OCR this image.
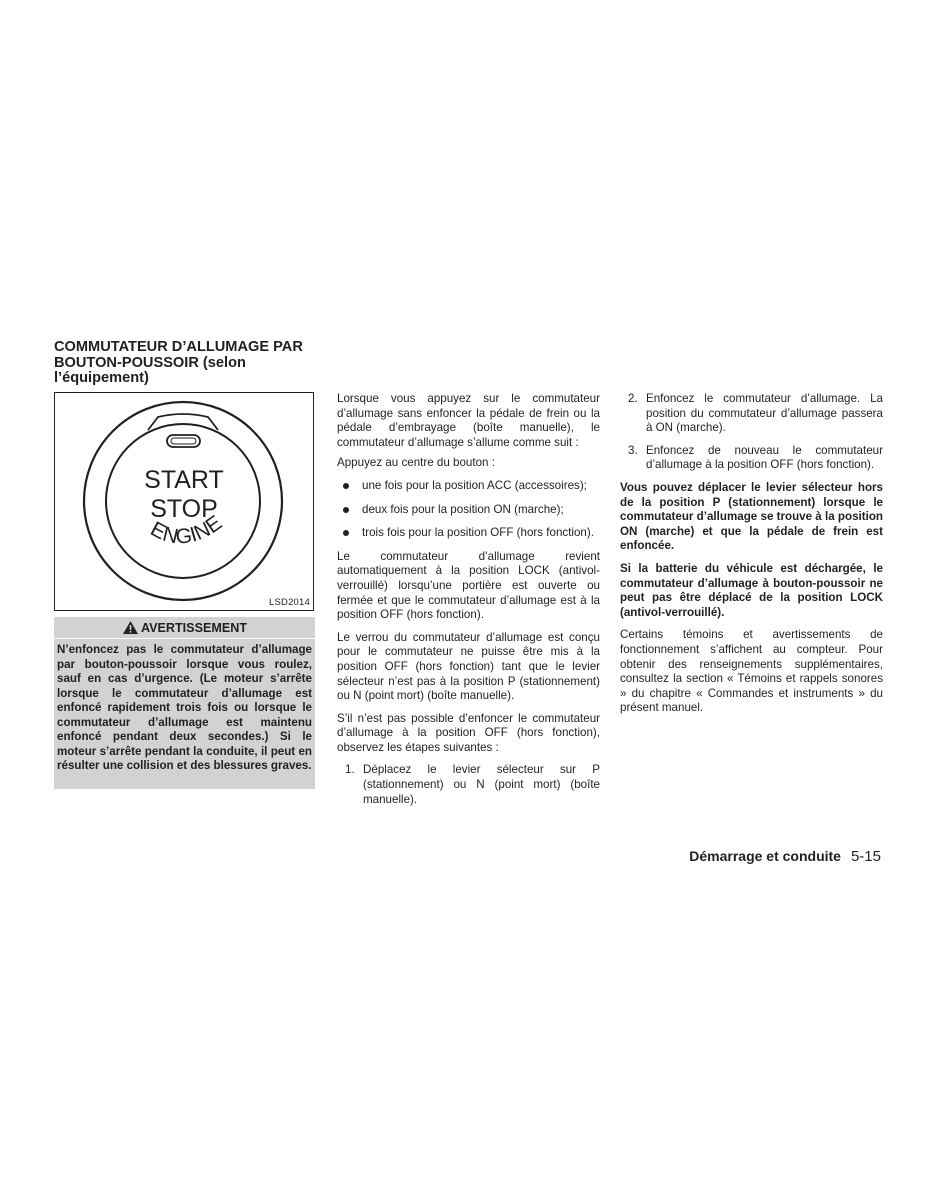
COMMUTATEUR D’ALLUMAGE PAR BOUTON-POUSSOIR (selon l’équipement)
START
STOP
ENGINE
LSD2014
AVERTISSEMENT
N’enfoncez pas le commutateur d’allumage par bouton-poussoir lorsque vous roulez, sauf en cas d’urgence. (Le moteur s’arrête lorsque le commutateur d’allumage est enfoncé rapidement trois fois ou lorsque le commutateur d’allumage est maintenu enfoncé pendant deux secondes.) Si le moteur s’arrête pendant la conduite, il peut en résulter une collision et des blessures graves.

Lorsque vous appuyez sur le commutateur d’allumage sans enfoncer la pédale de frein ou la pédale d’embrayage (boîte manuelle), le commutateur d’allumage s’allume comme suit :

Appuyez au centre du bouton :

une fois pour la position ACC (accessoires);
deux fois pour la position ON (marche);
trois fois pour la position OFF (hors fonction).

Le commutateur d’allumage revient automatiquement à la position LOCK (antivol-verrouillé) lorsqu’une portière est ouverte ou fermée et que le commutateur d’allumage est à la position OFF (hors fonction).

Le verrou du commutateur d’allumage est conçu pour le commutateur ne puisse être mis à la position OFF (hors fonction) tant que le levier sélecteur n’est pas à la position P (stationnement) ou N (point mort) (boîte manuelle).

S’il n’est pas possible d’enfoncer le commutateur d’allumage à la position OFF (hors fonction), observez les étapes suivantes :

1. Déplacez le levier sélecteur sur P (stationnement) ou N (point mort) (boîte manuelle).
2. Enfoncez le commutateur d’allumage. La position du commutateur d’allumage passera à ON (marche).
3. Enfoncez de nouveau le commutateur d’allumage à la position OFF (hors fonction).

Vous pouvez déplacer le levier sélecteur hors de la position P (stationnement) lorsque le commutateur d’allumage se trouve à la position ON (marche) et que la pédale de frein est enfoncée.

Si la batterie du véhicule est déchargée, le commutateur d’allumage à bouton-poussoir ne peut pas être déplacé de la position LOCK (antivol-verrouillé).

Certains témoins et avertissements de fonctionnement s’affichent au compteur. Pour obtenir des renseignements supplémentaires, consultez la section « Témoins et rappels sonores » du chapitre « Commandes et instruments » du présent manuel.

Démarrage et conduite 5-15
